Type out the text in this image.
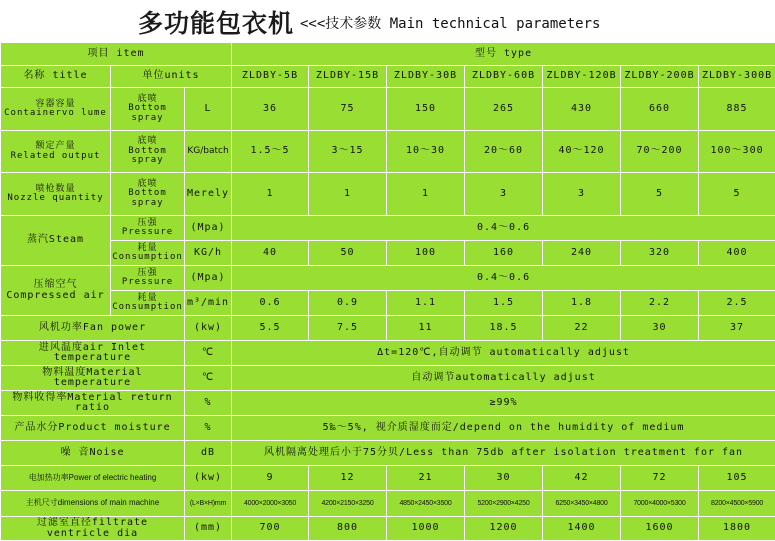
多功能包衣机 <<<技术参数 Main technical parameters
项目 item			型号 type						
名称 title	单位units		ZLDBY-5B	ZLDBY-15B	ZLDBY-30B	ZLDBY-60B	ZLDBY-120B	ZLDBY-200B	ZLDBY-300B

容器容量
Containervo lume	底喷
Bottom spray	L	36	75	150	265	430	660	885

额定产量
Related output	底喷
Bottom spray	KG/batch	1.5～5	3～15	10～30	20～60	40～120	70～200	100～300

喷枪数量
Nozzle quantity	底喷
Bottom spray	Merely	1	1	1	3	3	5	5
蒸汽Steam	压强
Pressure	(Mpa)	0.4～0.6						

	耗量
Consumption	KG/h	40	50	100	160	240	320	400

压缩空气
Compressed air	压强
Pressure	(Mpa)	0.4～0.6						

	耗量
Consumption	m³/min	0.6	0.9	1.1	1.5	1.8	2.2	2.5
风机功率Fan power		(kw)	5.5	7.5	11	18.5	22	30	37
进风温度air Inlet temperature		℃	Δt=120℃,自动调节 automatically adjust						
物料温度Material temperature		℃	自动调节automatically adjust						
物料收得率Material return ratio		%	≥99%						
产品水分Product moisture		%	5‰～5%, 视介质湿度而定/depend on the humidity of medium						
噪 音Noise		dB	风机隔离处理后小于75分贝/Less than 75db after isolation treatment for fan						
电加热功率Power of electric heating		(kw)	9	12	21	30	42	72	105
主机尺寸dimensions of main machine		(L×B×H)mm	4000×2000×3050	4200×2150×3250	4850×2450×3500	5200×2900×4250	6250×3450×4800	7000×4000×5300	8200×4500×5900
过滤室直径filtrate ventricle dia		(mm)	700	800	1000	1200	1400	1600	1800
